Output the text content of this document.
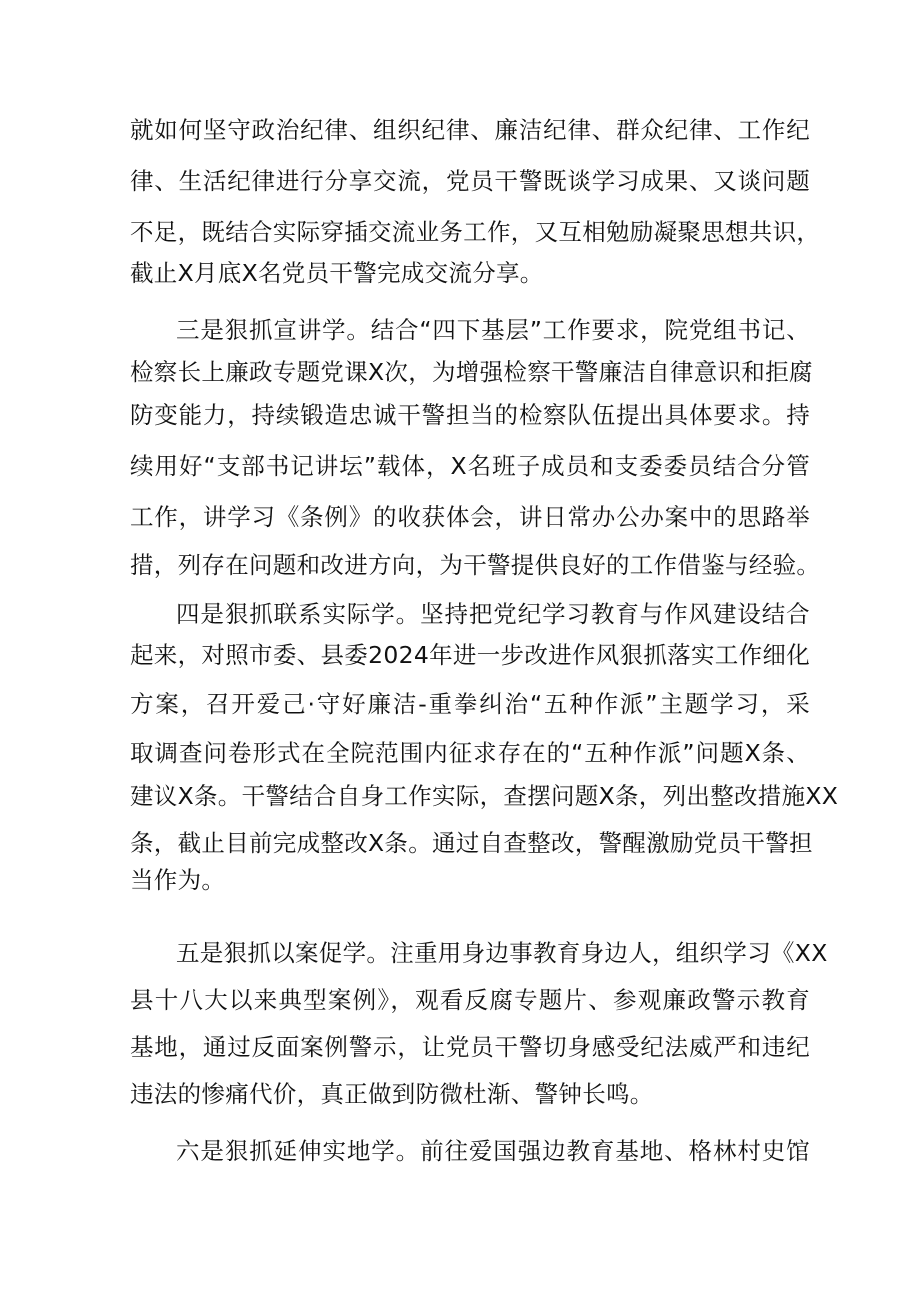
就如何坚守政治纪律、组织纪律、廉洁纪律、群众纪律、工作纪
律、生活纪律进行分享交流，党员干警既谈学习成果、又谈问题
不足，既结合实际穿插交流业务工作，又互相勉励凝聚思想共识，
截止X月底X名党员干警完成交流分享。
三是狠抓宣讲学。结合“四下基层”工作要求，院党组书记、
检察长上廉政专题党课X次，为增强检察干警廉洁自律意识和拒腐
防变能力，持续锻造忠诚干警担当的检察队伍提出具体要求。持
续用好“支部书记讲坛”载体，X名班子成员和支委委员结合分管
工作，讲学习《条例》的收获体会，讲日常办公办案中的思路举
措，列存在问题和改进方向，为干警提供良好的工作借鉴与经验。
四是狠抓联系实际学。坚持把党纪学习教育与作风建设结合
起来，对照市委、县委2024年进一步改进作风狠抓落实工作细化
方案，召开爱己·守好廉洁-重拳纠治“五种作派”主题学习，采
取调查问卷形式在全院范围内征求存在的“五种作派”问题X条、
建议X条。干警结合自身工作实际，查摆问题X条，列出整改措施XX
条，截止目前完成整改X条。通过自查整改，警醒激励党员干警担
当作为。
五是狠抓以案促学。注重用身边事教育身边人，组织学习《XX
县十八大以来典型案例》，观看反腐专题片、参观廉政警示教育
基地，通过反面案例警示，让党员干警切身感受纪法威严和违纪
违法的惨痛代价，真正做到防微杜渐、警钟长鸣。
六是狠抓延伸实地学。前往爱国强边教育基地、格林村史馆
